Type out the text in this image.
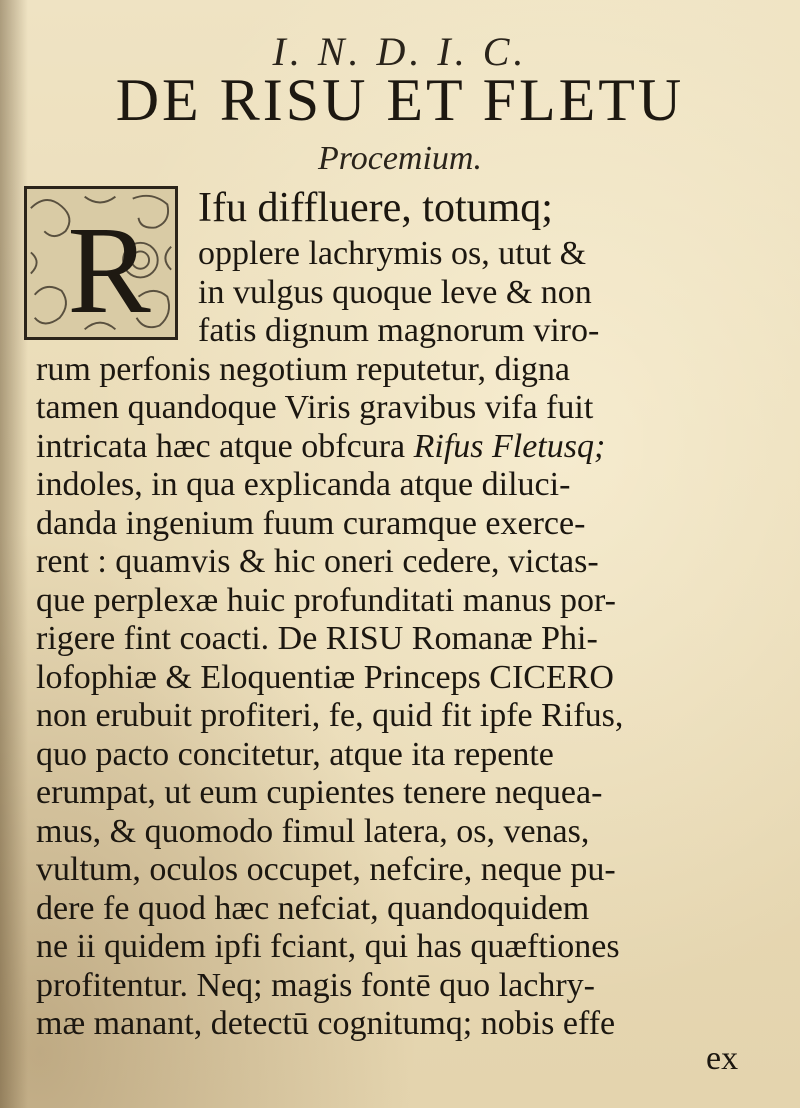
I. N. D. I. C.
DE RISU ET FLETU
Procemium.
R Ifu diffluere, totumq;
opplere lachrymis os, utut &
in vulgus quoque leve & non
fatis dignum magnorum viro-
rum perfonis negotium reputetur, digna
tamen quandoque Viris gravibus vifa fuit
intricata hæc atque obfcura Rifus Fletusq;
indoles, in qua explicanda atque diluci-
danda ingenium fuum curamque exerce-
rent : quamvis & hic oneri cedere, victas-
que perplexæ huic profunditati manus por-
rigere fint coacti. De RISU Romanæ Phi-
lofophiæ & Eloquentiæ Princeps CICERO
non erubuit profiteri, fe, quid fit ipfe Rifus,
quo pacto concitetur, atque ita repente
erumpat, ut eum cupientes tenere nequea-
mus, & quomodo fimul latera, os, venas,
vultum, oculos occupet, nefcire, neque pu-
dere fe quod hæc nefciat, quandoquidem
ne ii quidem ipfi fciant, qui has quæftiones
profitentur. Neq; magis fontē quo lachry-
mæ manant, detectū cognitumq; nobis effe
ex
